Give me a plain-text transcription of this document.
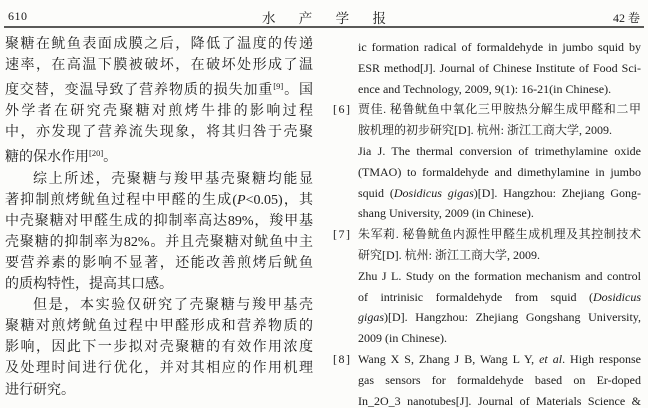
610	水 产 学 报	42 卷
聚糖在鱿鱼表面成膜之后，降低了温度的传递
速率，在高温下膜被破坏，在破坏处形成了温
度交替，变温导致了营养物质的损失加重[9]。国
外学者在研究壳聚糖对煎烤牛排的影响过程
中，亦发现了营养流失现象，将其归咎于壳聚
糖的保水作用[20]。
综上所述，壳聚糖与羧甲基壳聚糖均能显
著抑制煎烤鱿鱼过程中甲醛的生成(P<0.05)，其
中壳聚糖对甲醛生成的抑制率高达89%，羧甲基
壳聚糖的抑制率为82%。并且壳聚糖对鱿鱼中主
要营养素的影响不显著，还能改善煎烤后鱿鱼
的质构特性，提高其口感。
但是，本实验仅研究了壳聚糖与羧甲基壳
聚糖对煎烤鱿鱼过程中甲醛形成和营养物质的
影响，因此下一步拟对壳聚糖的有效作用浓度
及处理时间进行优化，并对其相应的作用机理
进行研究。
ic formation radical of formaldehyde in jumbo squid by
ESR method[J]. Journal of Chinese Institute of Food Sci-
ence and Technology, 2009, 9(1): 16-21(in Chinese).
[6] 贾佳. 秘鲁鱿鱼中氧化三甲胺热分解生成甲醛和二甲
胺机理的初步研究[D]. 杭州: 浙江工商大学, 2009.
Jia J. The thermal conversion of trimethylamine oxide
(TMAO) to formaldehyde and dimethylamine in jumbo
squid (Dosidicus gigas)[D]. Hangzhou: Zhejiang Gong-
shang University, 2009 (in Chinese).
[7] 朱军莉. 秘鲁鱿鱼内源性甲醛生成机理及其控制技术
研究[D]. 杭州: 浙江工商大学, 2009.
Zhu J L. Study on the formation mechanism and control
of intrinisic formaldehyde from squid (Dosidicus
gigas)[D]. Hangzhou: Zhejiang Gongshang University,
2009 (in Chinese).
[8] Wang X S, Zhang J B, Wang L Y, et al. High response
gas sensors for formaldehyde based on Er-doped
In_2O_3 nanotubes[J]. Journal of Materials Science &
